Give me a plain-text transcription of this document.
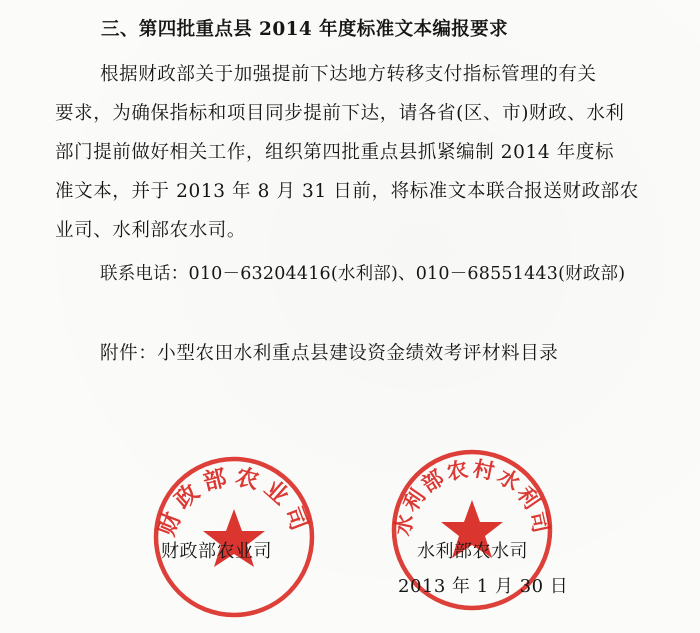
三、第四批重点县 2014 年度标准文本编报要求
根据财政部关于加强提前下达地方转移支付指标管理的有关
要求，为确保指标和项目同步提前下达，请各省(区、市)财政、水利
部门提前做好相关工作，组织第四批重点县抓紧编制 2014 年度标
准文本，并于 2013 年 8 月 31 日前，将标准文本联合报送财政部农
业司、水利部农水司。
联系电话：010－63204416(水利部)、010－68551443(财政部)
附件：小型农田水利重点县建设资金绩效考评材料目录
财政部农业司	水利部农村水利司
财政部农业司	水利部农水司
2013 年 1 月 30 日
